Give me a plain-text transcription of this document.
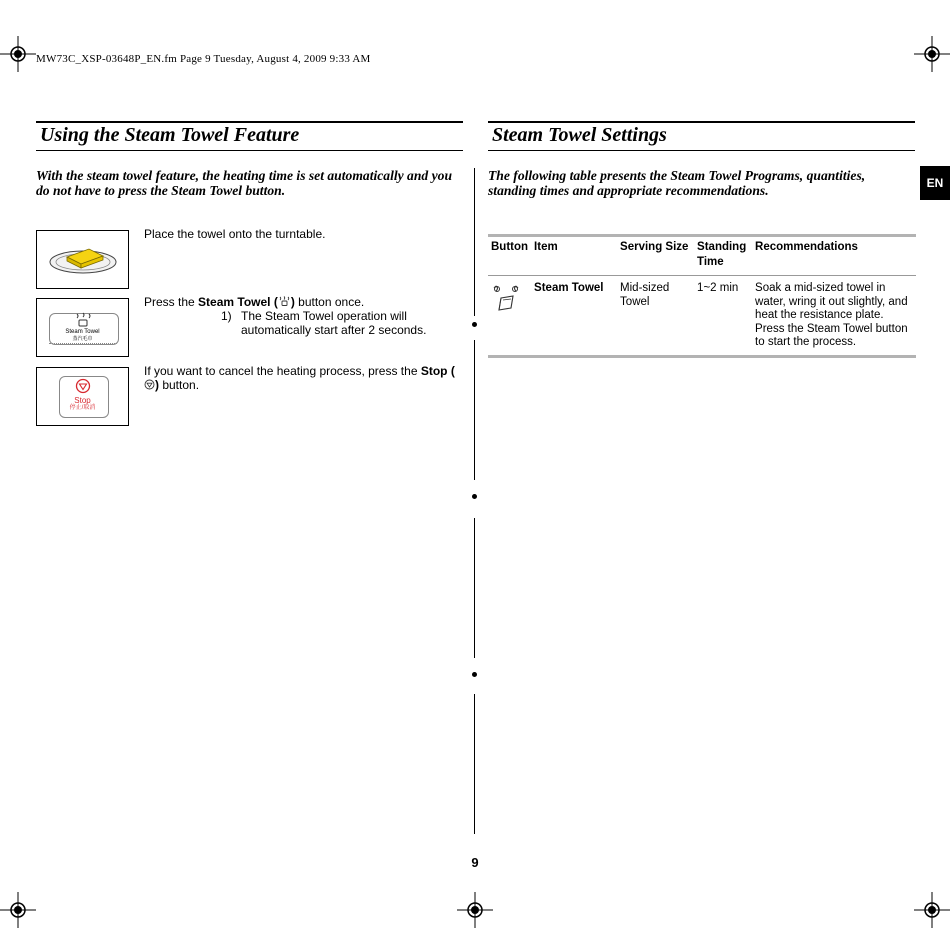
MW73C_XSP-03648P_EN.fm Page 9 Tuesday, August 4, 2009 9:33 AM
Using the Steam Towel Feature	Steam Towel Settings
EN
With the steam towel feature, the heating time is set automatically and you do not have to press the Steam Towel button.
The following table presents the Steam Towel Programs, quantities, standing times and appropriate recommendations.
Place the towel onto the turntable.
Steam Towel
蒸汽毛巾
Press the Steam Towel ( ) button once.
1) The Steam Towel operation will automatically start after 2 seconds.
Stop
停止/取消
If you want to cancel the heating process, press the Stop () button.
Button	Item	Serving Size	Standing Time	Recommendations
	Steam Towel	Mid-sized Towel	1~2 min	Soak a mid-sized towel in water, wring it out slightly, and heat the resistance plate. Press the Steam Towel button to start the process.
9
